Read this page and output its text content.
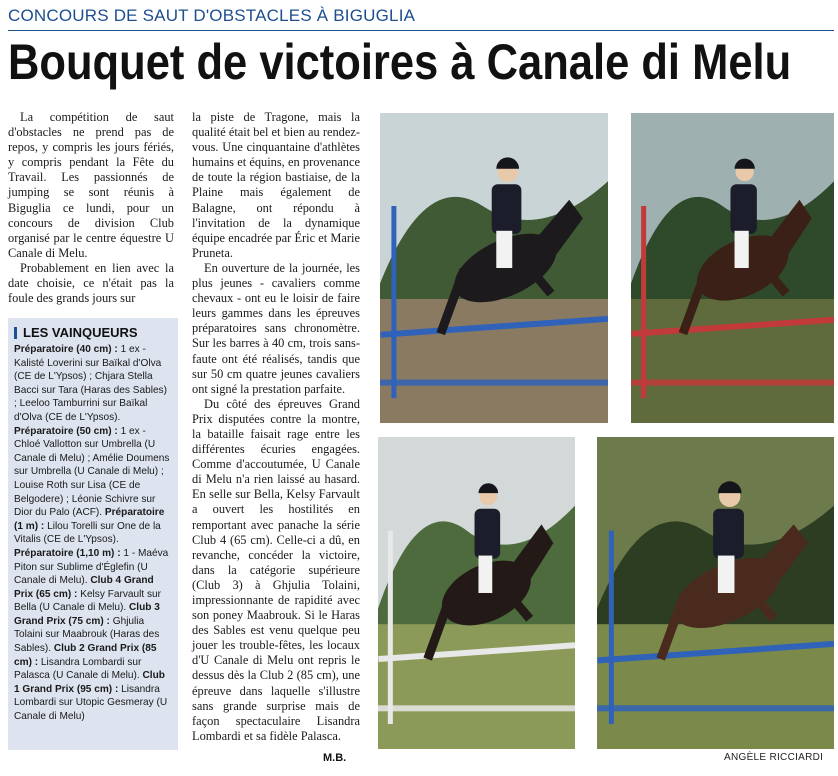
CONCOURS DE SAUT D'OBSTACLES À BIGUGLIA
Bouquet de victoires à Canale di Melu

La compétition de saut d'obstacles ne prend pas de repos, y compris les jours fériés, y compris pendant la Fête du Travail. Les passionnés de jumping se sont réunis à Biguglia ce lundi, pour un concours de division Club organisé par le centre équestre U Canale di Melu.

Probablement en lien avec la date choisie, ce n'était pas la foule des grands jours sur

la piste de Tragone, mais la qualité était bel et bien au rendez-vous. Une cinquantaine d'athlètes humains et équins, en provenance de toute la région bastiaise, de la Plaine mais également de Balagne, ont répondu à l'invitation de la dynamique équipe encadrée par Éric et Marie Pruneta.

En ouverture de la journée, les plus jeunes - cavaliers comme chevaux - ont eu le loisir de faire leurs gammes dans les épreuves préparatoires sans chronomètre. Sur les barres à 40 cm, trois sans-faute ont été réalisés, tandis que sur 50 cm quatre jeunes cavaliers ont signé la prestation parfaite.

Du côté des épreuves Grand Prix disputées contre la montre, la bataille faisait rage entre les différentes écuries engagées. Comme d'accoutumée, U Canale di Melu n'a rien laissé au hasard. En selle sur Bella, Kelsy Farvault a ouvert les hostilités en remportant avec panache la série Club 4 (65 cm). Celle-ci a dû, en revanche, concéder la victoire, dans la catégorie supérieure (Club 3) à Ghjulia Tolaini, impressionnante de rapidité avec son poney Maabrouk. Si le Haras des Sables est venu quelque peu jouer les trouble-fêtes, les locaux d'U Canale di Melu ont repris le dessus dès la Club 2 (85 cm), une épreuve dans laquelle s'illustre sans grande surprise mais de façon spectaculaire Lisandra Lombardi et sa fidèle Palasca.

LES VAINQUEURS
Préparatoire (40 cm) : 1 ex - Kalisté Loverini sur Baïkal d'Olva (CE de L'Ypsos) ; Chjara Stella Bacci sur Tara (Haras des Sables) ; Leeloo Tamburrini sur Baïkal d'Olva (CE de L'Ypsos). Préparatoire (50 cm) : 1 ex - Chloé Vallotton sur Umbrella (U Canale di Melu) ; Amélie Doumens sur Umbrella (U Canale di Melu) ; Louise Roth sur Lisa (CE de Belgodere) ; Léonie Schivre sur Dior du Palo (ACF). Préparatoire (1 m) : Lilou Torelli sur One de la Vitalis (CE de L'Ypsos). Préparatoire (1,10 m) : 1 - Maéva Piton sur Sublime d'Églefin (U Canale di Melu). Club 4 Grand Prix (65 cm) : Kelsy Farvault sur Bella (U Canale di Melu). Club 3 Grand Prix (75 cm) : Ghjulia Tolaini sur Maabrouk (Haras des Sables). Club 2 Grand Prix (85 cm) : Lisandra Lombardi sur Palasca (U Canale di Melu). Club 1 Grand Prix (95 cm) : Lisandra Lombardi sur Utopic Gesmeray (U Canale di Melu)
M.B.	ANGÈLE RICCIARDI
